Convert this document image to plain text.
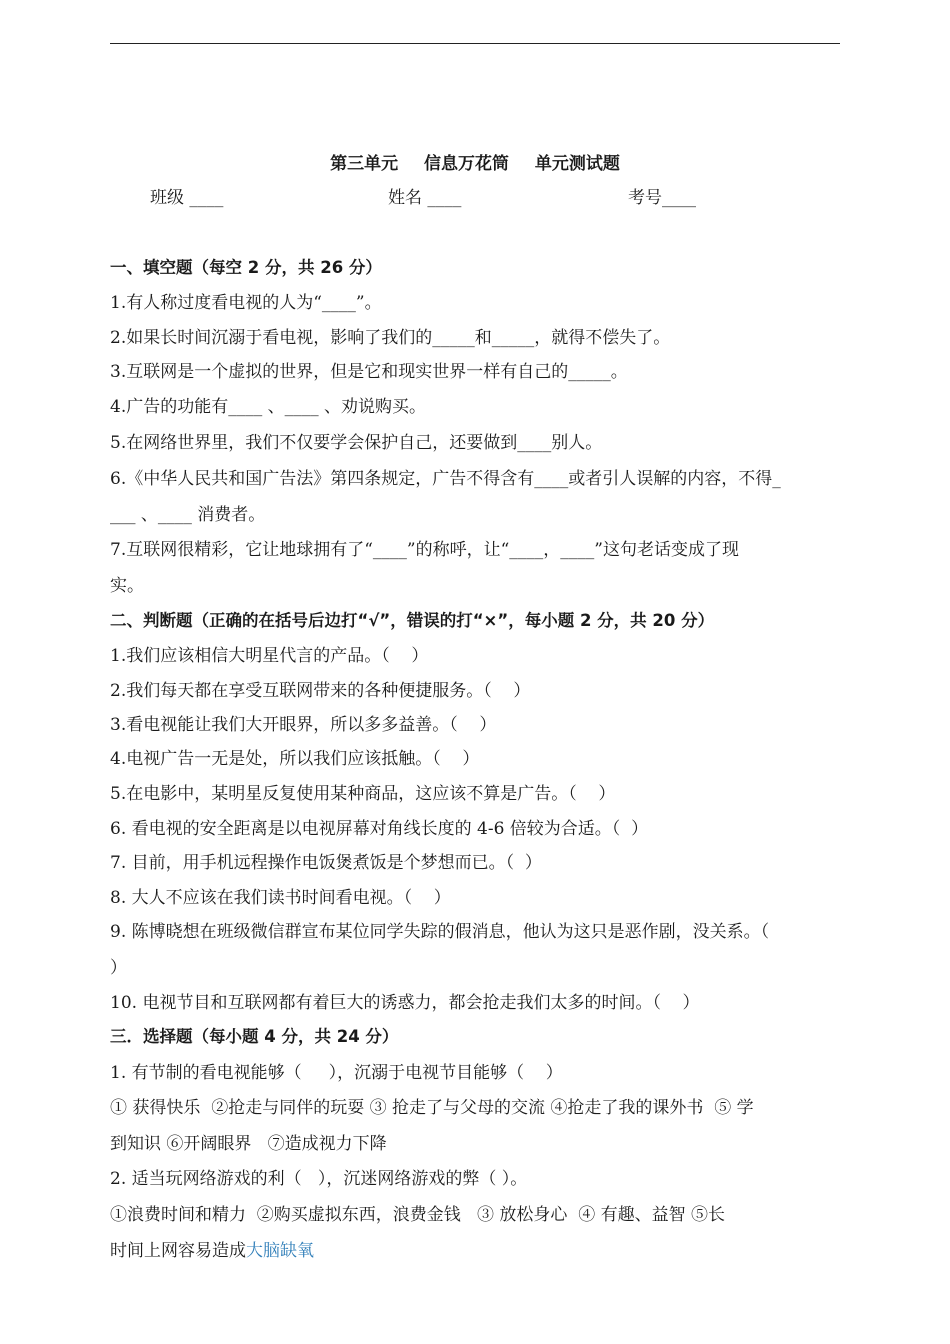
第三单元 信息万花筒 单元测试题
班级 ____	姓名 ____	考号____
一、填空题（每空 2 分，共 26 分）
1.有人称过度看电视的人为“____”。
2.如果长时间沉溺于看电视，影响了我们的_____和_____，就得不偿失了。
3.互联网是一个虚拟的世界，但是它和现实世界一样有自己的_____。
4.广告的功能有____ 、____ 、劝说购买。
5.在网络世界里，我们不仅要学会保护自己，还要做到____别人。
6.《中华人民共和国广告法》第四条规定，广告不得含有____或者引人误解的内容，不得_
___ 、____ 消费者。
7.互联网很精彩，它让地球拥有了“____”的称呼，让“____，____”这句老话变成了现
实。
二、判断题（正确的在括号后边打“√”，错误的打“×”，每小题 2 分，共 20 分）
1.我们应该相信大明星代言的产品。（    ）
2.我们每天都在享受互联网带来的各种便捷服务。（    ）
3.看电视能让我们大开眼界，所以多多益善。（    ）
4.电视广告一无是处，所以我们应该抵触。（    ）
5.在电影中，某明星反复使用某种商品，这应该不算是广告。（    ）
6. 看电视的安全距离是以电视屏幕对角线长度的 4-6 倍较为合适。（  ）
7. 目前，用手机远程操作电饭煲煮饭是个梦想而已。（  ）
8. 大人不应该在我们读书时间看电视。（    ）
9. 陈博晓想在班级微信群宣布某位同学失踪的假消息，他认为这只是恶作剧，没关系。（
）
10. 电视节目和互联网都有着巨大的诱惑力，都会抢走我们太多的时间。（    ）
三．选择题（每小题 4 分，共 24 分）
1. 有节制的看电视能够（     ），沉溺于电视节目能够（    ）
① 获得快乐  ②抢走与同伴的玩耍 ③ 抢走了与父母的交流 ④抢走了我的课外书  ⑤ 学
到知识 ⑥开阔眼界   ⑦造成视力下降
2. 适当玩网络游戏的利（   ），沉迷网络游戏的弊（ ）。
①浪费时间和精力  ②购买虚拟东西，浪费金钱   ③ 放松身心  ④ 有趣、益智 ⑤长
时间上网容易造成大脑缺氧
